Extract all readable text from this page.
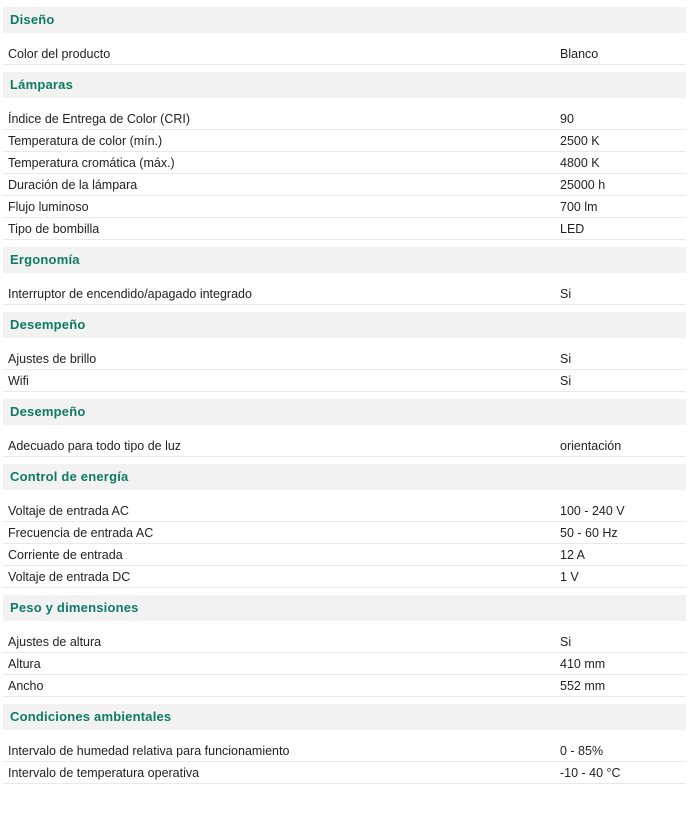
Diseño
Color del producto	Blanco
Lámparas
Índice de Entrega de Color (CRI)	90
Temperatura de color (mín.)	2500 K
Temperatura cromática (máx.)	4800 K
Duración de la lámpara	25000 h
Flujo luminoso	700 lm
Tipo de bombilla	LED
Ergonomía
Interruptor de encendido/apagado integrado	Si
Desempeño
Ajustes de brillo	Si
Wifi	Si
Desempeño
Adecuado para todo tipo de luz	orientación
Control de energía
Voltaje de entrada AC	100 - 240 V
Frecuencia de entrada AC	50 - 60 Hz
Corriente de entrada	12 A
Voltaje de entrada DC	1 V
Peso y dimensiones
Ajustes de altura	Si
Altura	410 mm
Ancho	552 mm
Condiciones ambientales
Intervalo de humedad relativa para funcionamiento	0 - 85%
Intervalo de temperatura operativa	-10 - 40 °C
